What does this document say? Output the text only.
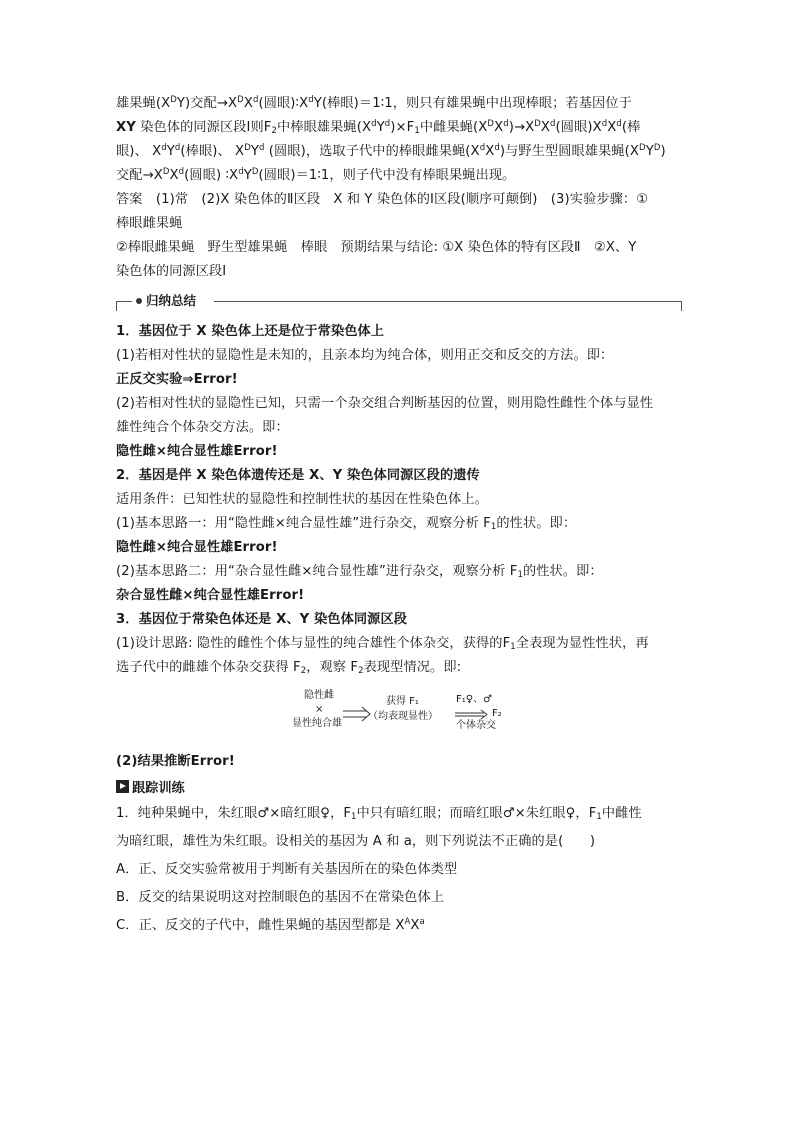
雄果蝇$(X^DY)$交配$\to X^DX^d$(圆眼)$∶X^dY$(棒眼)＝1∶1，则只有雄果蝇中出现棒眼；若基因位于
XY 染色体的同源区段Ⅰ则$F_2$中棒眼雄果蝇$(X^dY^d)\times F_1$中雌果蝇$(X^DX^d)\to X^DX^d$(圆眼)$X^dX^d$(棒
眼)、 $X^dY^d$(棒眼)、 $X^DY^d$ (圆眼)，选取子代中的棒眼雌果蝇$(X^dX^d)$与野生型圆眼雄果蝇$(X^DY^D)$
交配$\to X^DX^d$(圆眼) $∶X^dY^D$(圆眼)＝1∶1，则子代中没有棒眼果蝇出现。
答案　(1)常　(2)X 染色体的Ⅱ区段　X 和 Y 染色体的Ⅰ区段(顺序可颠倒)　(3)实验步骤：①
棒眼雌果蝇
②棒眼雌果蝇　野生型雄果蝇　棒眼　预期结果与结论: ①X 染色体的特有区段Ⅱ　②X、Y
染色体的同源区段Ⅰ
归纳总结
1．基因位于 X 染色体上还是位于常染色体上
(1)若相对性状的显隐性是未知的，且亲本均为纯合体，则用正交和反交的方法。即：
正反交实验⇒Error!
(2)若相对性状的显隐性已知，只需一个杂交组合判断基因的位置，则用隐性雌性个体与显性
雄性纯合个体杂交方法。即：
隐性雌×纯合显性雄Error!
2．基因是伴 X 染色体遗传还是 X、Y 染色体同源区段的遗传
适用条件：已知性状的显隐性和控制性状的基因在性染色体上。
(1)基本思路一：用“隐性雌×纯合显性雄”进行杂交，观察分析 $F_1$的性状。即：
隐性雌×纯合显性雄Error!
(2)基本思路二：用“杂合显性雌×纯合显性雄”进行杂交，观察分析 $F_1$的性状。即：
杂合显性雌×纯合显性雄Error!
3．基因位于常染色体还是 X、Y 染色体同源区段
(1)设计思路: 隐性的雌性个体与显性的纯合雄性个体杂交，获得的$F_1$全表现为显性性状，再
选子代中的雌雄个体杂交获得 $F_2$，观察 $F_2$表现型情况。即:
隐性雌
×
显性纯合雄
获得 F₁
（均表现显性）
F₁♀、♂
个体杂交
F₂
(2)结果推断Error!
跟踪训练
1．纯种果蝇中，朱红眼♂×暗红眼♀，$F_1$中只有暗红眼；而暗红眼♂×朱红眼♀，$F_1$中雌性
为暗红眼，雄性为朱红眼。设相关的基因为 A 和 a，则下列说法不正确的是(　　)
A．正、反交实验常被用于判断有关基因所在的染色体类型
B．反交的结果说明这对控制眼色的基因不在常染色体上
C．正、反交的子代中，雌性果蝇的基因型都是 $X^AX^a$
